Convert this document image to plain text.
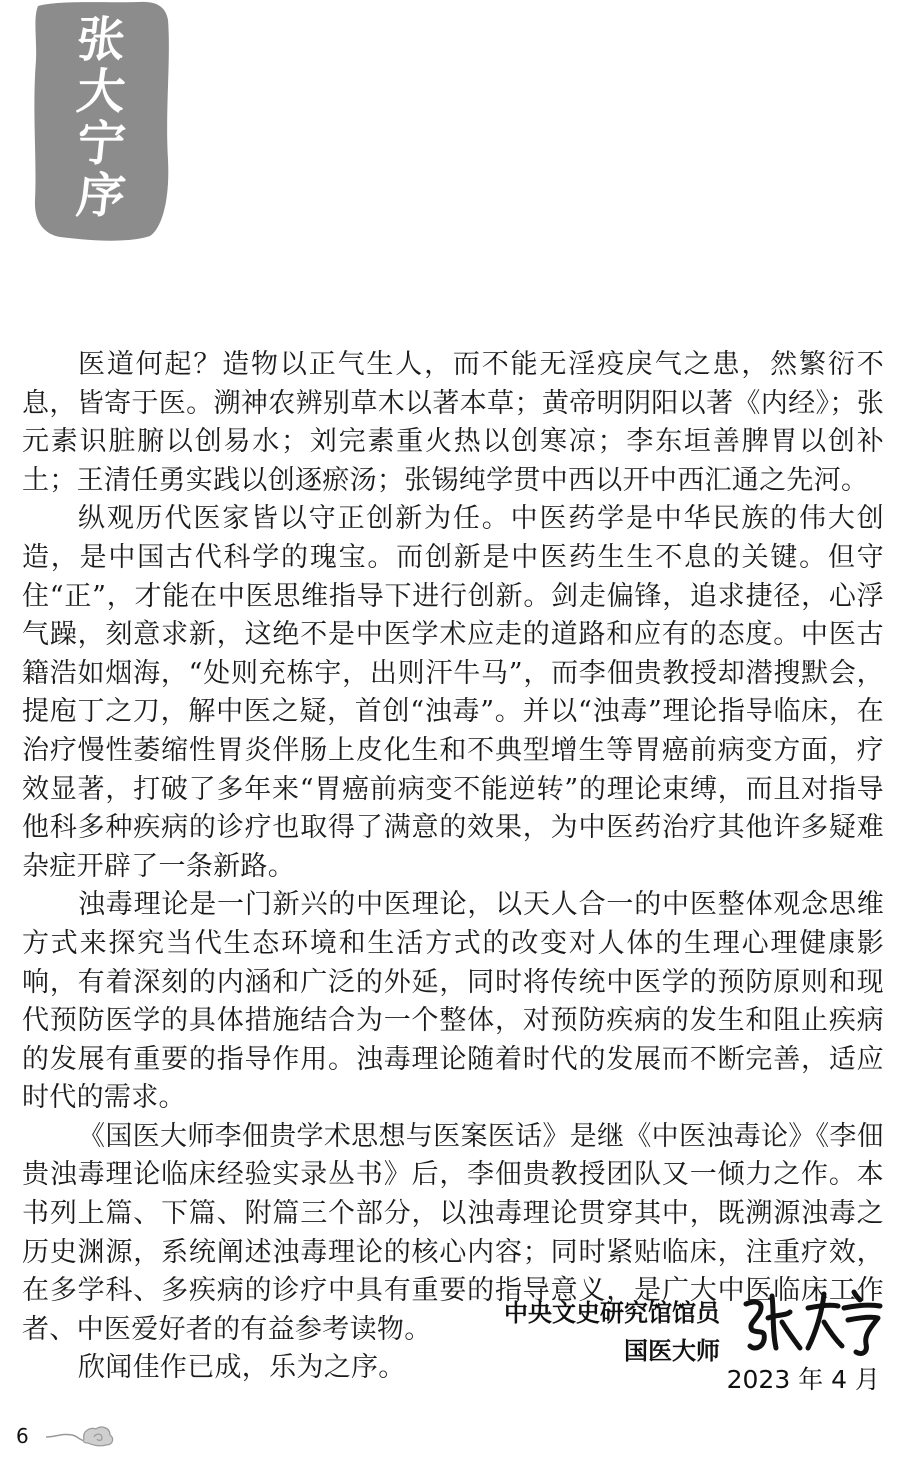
张
大
宁
序

医道何起？造物以正气生人，而不能无淫疫戾气之患，然繁衍不息，皆寄于医。溯神农辨别草木以著本草；黄帝明阴阳以著《内经》；张元素识脏腑以创易水；刘完素重火热以创寒凉；李东垣善脾胃以创补土；王清任勇实践以创逐瘀汤；张锡纯学贯中西以开中西汇通之先河。

纵观历代医家皆以守正创新为任。中医药学是中华民族的伟大创造，是中国古代科学的瑰宝。而创新是中医药生生不息的关键。但守住“正”，才能在中医思维指导下进行创新。剑走偏锋，追求捷径，心浮气躁，刻意求新，这绝不是中医学术应走的道路和应有的态度。中医古籍浩如烟海，“处则充栋宇，出则汗牛马”，而李佃贵教授却潜搜默会，提庖丁之刀，解中医之疑，首创“浊毒”。并以“浊毒”理论指导临床，在治疗慢性萎缩性胃炎伴肠上皮化生和不典型增生等胃癌前病变方面，疗效显著，打破了多年来“胃癌前病变不能逆转”的理论束缚，而且对指导他科多种疾病的诊疗也取得了满意的效果，为中医药治疗其他许多疑难杂症开辟了一条新路。

浊毒理论是一门新兴的中医理论，以天人合一的中医整体观念思维方式来探究当代生态环境和生活方式的改变对人体的生理心理健康影响，有着深刻的内涵和广泛的外延，同时将传统中医学的预防原则和现代预防医学的具体措施结合为一个整体，对预防疾病的发生和阻止疾病的发展有重要的指导作用。浊毒理论随着时代的发展而不断完善，适应时代的需求。

《国医大师李佃贵学术思想与医案医话》是继《中医浊毒论》《李佃贵浊毒理论临床经验实录丛书》后，李佃贵教授团队又一倾力之作。本书列上篇、下篇、附篇三个部分，以浊毒理论贯穿其中，既溯源浊毒之历史渊源，系统阐述浊毒理论的核心内容；同时紧贴临床，注重疗效，在多学科、多疾病的诊疗中具有重要的指导意义，是广大中医临床工作者、中医爱好者的有益参考读物。

欣闻佳作已成，乐为之序。

中央文史研究馆馆员
国医大师
2023 年 4 月
6
